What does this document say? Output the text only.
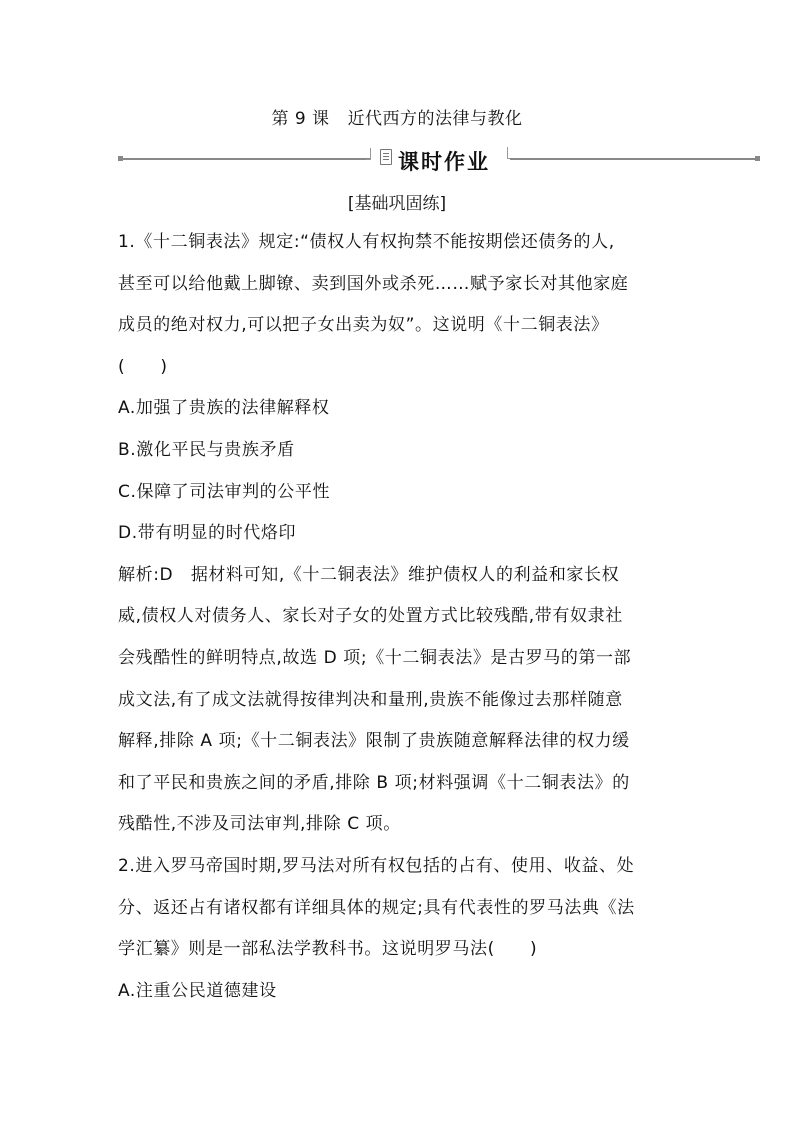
第 9 课 近代西方的法律与教化
课时作业
[基础巩固练]
1.《十二铜表法》规定:“债权人有权拘禁不能按期偿还债务的人,
甚至可以给他戴上脚镣、卖到国外或杀死……赋予家长对其他家庭
成员的绝对权力,可以把子女出卖为奴”。这说明《十二铜表法》
(　　)
A.加强了贵族的法律解释权
B.激化平民与贵族矛盾
C.保障了司法审判的公平性
D.带有明显的时代烙印
解析:D　据材料可知,《十二铜表法》维护债权人的利益和家长权
威,债权人对债务人、家长对子女的处置方式比较残酷,带有奴隶社
会残酷性的鲜明特点,故选 D 项;《十二铜表法》是古罗马的第一部
成文法,有了成文法就得按律判决和量刑,贵族不能像过去那样随意
解释,排除 A 项;《十二铜表法》限制了贵族随意解释法律的权力缓
和了平民和贵族之间的矛盾,排除 B 项;材料强调《十二铜表法》的
残酷性,不涉及司法审判,排除 C 项。
2.进入罗马帝国时期,罗马法对所有权包括的占有、使用、收益、处
分、返还占有诸权都有详细具体的规定;具有代表性的罗马法典《法
学汇纂》则是一部私法学教科书。这说明罗马法(　　)
A.注重公民道德建设
